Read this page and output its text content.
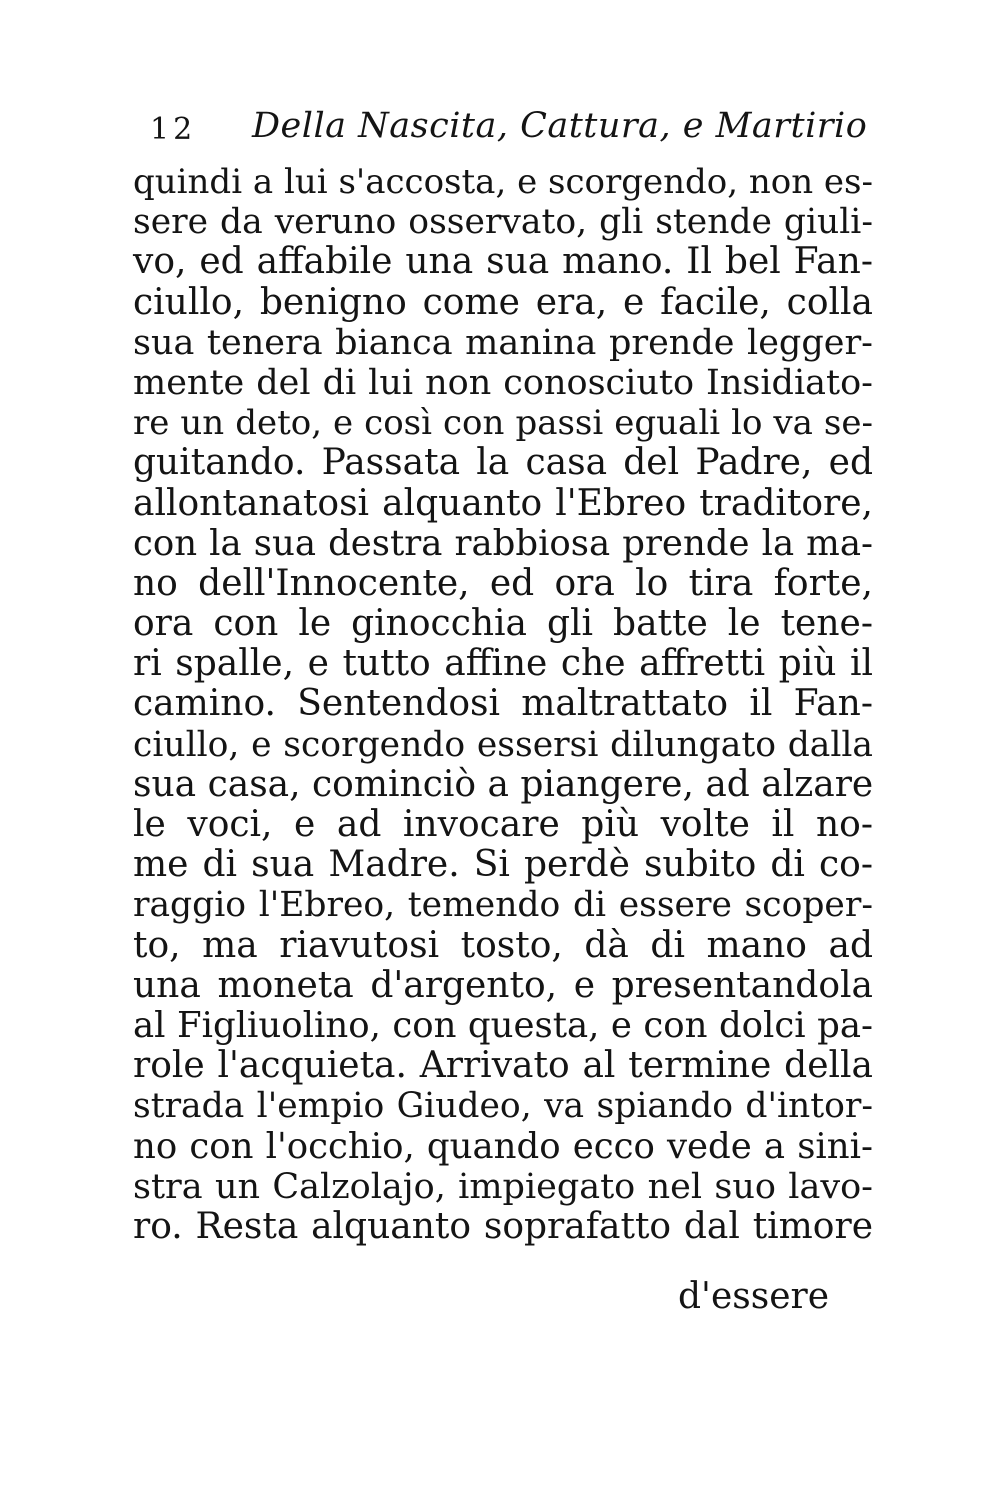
12 Della Nascita, Cattura, e Martirio
quindi a lui s'accosta, e scorgendo, non es-
sere da veruno osservato, gli stende giuli-
vo, ed affabile una sua mano. Il bel Fan-
ciullo, benigno come era, e facile, colla
sua tenera bianca manina prende legger-
mente del di lui non conosciuto Insidiato-
re un deto, e così con passi eguali lo va se-
guitando. Passata la casa del Padre, ed
allontanatosi alquanto l'Ebreo traditore,
con la sua destra rabbiosa prende la ma-
no dell'Innocente, ed ora lo tira forte,
ora con le ginocchia gli batte le tene-
ri spalle, e tutto affine che affretti più il
camino. Sentendosi maltrattato il Fan-
ciullo, e scorgendo essersi dilungato dalla
sua casa, cominciò a piangere, ad alzare
le voci, e ad invocare più volte il no-
me di sua Madre. Si perdè subito di co-
raggio l'Ebreo, temendo di essere scoper-
to, ma riavutosi tosto, dà di mano ad
una moneta d'argento, e presentandola
al Figliuolino, con questa, e con dolci pa-
role l'acquieta. Arrivato al termine della
strada l'empio Giudeo, va spiando d'intor-
no con l'occhio, quando ecco vede a sini-
stra un Calzolajo, impiegato nel suo lavo-
ro. Resta alquanto soprafatto dal timore
d'essere
